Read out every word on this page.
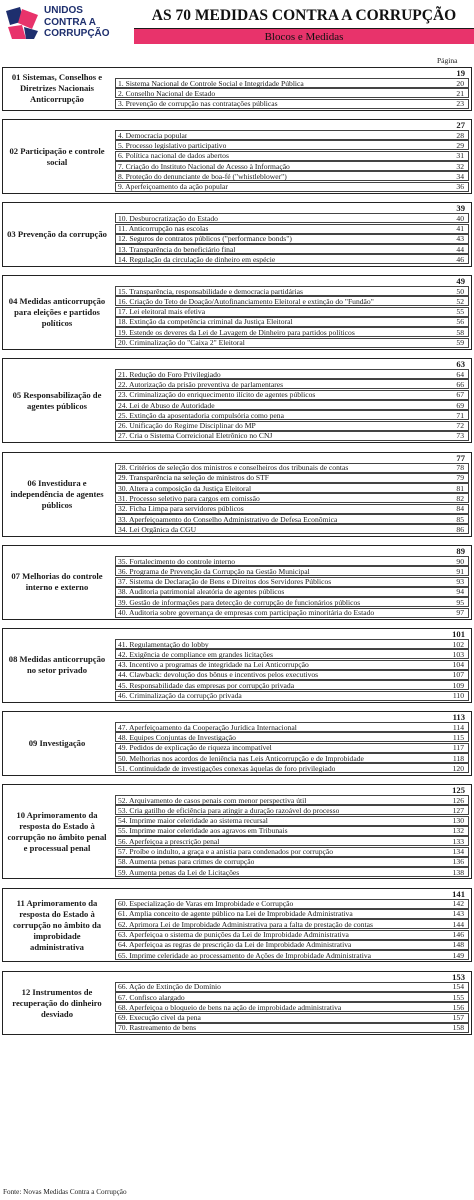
UNIDOS
CONTRA A
CORRUPÇÃO
AS 70 MEDIDAS CONTRA A CORRUPÇÃO
Blocos e Medidas
Página
01 Sistemas, Conselhos e Diretrizes Nacionais Anticorrupção
19
1. Sistema Nacional de Controle Social e Integridade Pública	20
2. Conselho Nacional de Estado	21
3. Prevenção de corrupção nas contratações públicas	23
02 Participação e controle social
27
4. Democracia popular	28
5. Processo legislativo participativo	29
6. Política nacional de dados abertos	31
7. Criação do Instituto Nacional de Acesso à Informação	32
8. Proteção do denunciante de boa-fé ("whistleblower")	34
9. Aperfeiçoamento da ação popular	36
03 Prevenção da corrupção
39
10. Desburocratização do Estado	40
11. Anticorrupção nas escolas	41
12. Seguros de contratos públicos ("performance bonds")	43
13. Transparência do beneficiário final	44
14. Regulação da circulação de dinheiro em espécie	46
04 Medidas anticorrupção para eleições e partidos políticos
49
15. Transparência, responsabilidade e democracia partidárias	50
16. Criação do Teto de Doação/Autofinanciamento Eleitoral e extinção do "Fundão"	52
17. Lei eleitoral mais efetiva	55
18. Extinção da competência criminal da Justiça Eleitoral	56
19. Estende os deveres da Lei de Lavagem de Dinheiro para partidos políticos	58
20. Criminalização do "Caixa 2" Eleitoral	59
05 Responsabilização de agentes públicos
63
21. Redução do Foro Privilegiado	64
22. Autorização da prisão preventiva de parlamentares	66
23. Criminalização do enriquecimento ilícito de agentes públicos	67
24. Lei de Abuso de Autoridade	69
25. Extinção da aposentadoria compulsória como pena	71
26. Unificação do Regime Disciplinar do MP	72
27. Cria o Sistema Correicional Eletrônico no CNJ	73
06 Investidura e independência de agentes públicos
77
28. Critérios de seleção dos ministros e conselheiros dos tribunais de contas	78
29. Transparência na seleção de ministros do STF	79
30. Altera a composição da Justiça Eleitoral	81
31. Processo seletivo para cargos em comissão	82
32. Ficha Limpa para servidores públicos	84
33. Aperfeiçoamento do Conselho Administrativo de Defesa Econômica	85
34. Lei Orgânica da CGU	86
07 Melhorias do controle interno e externo
89
35. Fortalecimento do controle interno	90
36. Programa de Prevenção da Corrupção na Gestão Municipal	91
37. Sistema de Declaração de Bens e Direitos dos Servidores Públicos	93
38. Auditoria patrimonial aleatória de agentes públicos	94
39. Gestão de informações para detecção de corrupção de funcionários públicos	95
40. Auditoria sobre governança de empresas com participação minoritária do Estado	97
08 Medidas anticorrupção no setor privado
101
41. Regulamentação do lobby	102
42. Exigência de compliance em grandes licitações	103
43. Incentivo a programas de integridade na Lei Anticorrupção	104
44. Clawback: devolução dos bônus e incentivos pelos executivos	107
45. Responsabilidade das empresas por corrupção privada	109
46. Criminalização da corrupção privada	110
09 Investigação
113
47. Aperfeiçoamento da Cooperação Jurídica Internacional	114
48. Equipes Conjuntas de Investigação	115
49. Pedidos de explicação de riqueza incompatível	117
50. Melhorias nos acordos de leniência nas Leis Anticorrupção e de Improbidade	118
51. Continuidade de investigações conexas àquelas de foro privilegiado	120
10 Aprimoramento da resposta do Estado à corrupção no âmbito penal e processual penal
125
52. Arquivamento de casos penais com menor perspectiva útil	126
53. Cria gatilho de eficiência para atingir a duração razoável do processo	127
54. Imprime maior celeridade ao sistema recursal	130
55. Imprime maior celeridade aos agravos em Tribunais	132
56. Aperfeiçoa a prescrição penal	133
57. Proíbe o indulto, a graça e a anistia para condenados por corrupção	134
58. Aumenta penas para crimes de corrupção	136
59. Aumenta penas da Lei de Licitações	138
11 Aprimoramento da resposta do Estado à corrupção no âmbito da improbidade administrativa
141
60. Especialização de Varas em Improbidade e Corrupção	142
61. Amplia conceito de agente público na Lei de Improbidade Administrativa	143
62. Aprimora Lei de Improbidade Administrativa para a falta de prestação de contas	144
63. Aperfeiçoa o sistema de punições da Lei de Improbidade Administrativa	146
64. Aperfeiçoa as regras de prescrição da Lei de Improbidade Administrativa	148
65. Imprime celeridade ao processamento de Ações de Improbidade Administrativa	149
12 Instrumentos de recuperação do dinheiro desviado
153
66. Ação de Extinção de Domínio	154
67. Confisco alargado	155
68. Aperfeiçoa o bloqueio de bens na ação de improbidade administrativa	156
69. Execução cível da pena	157
70. Rastreamento de bens	158
Fonte: Novas Medidas Contra a Corrupção
